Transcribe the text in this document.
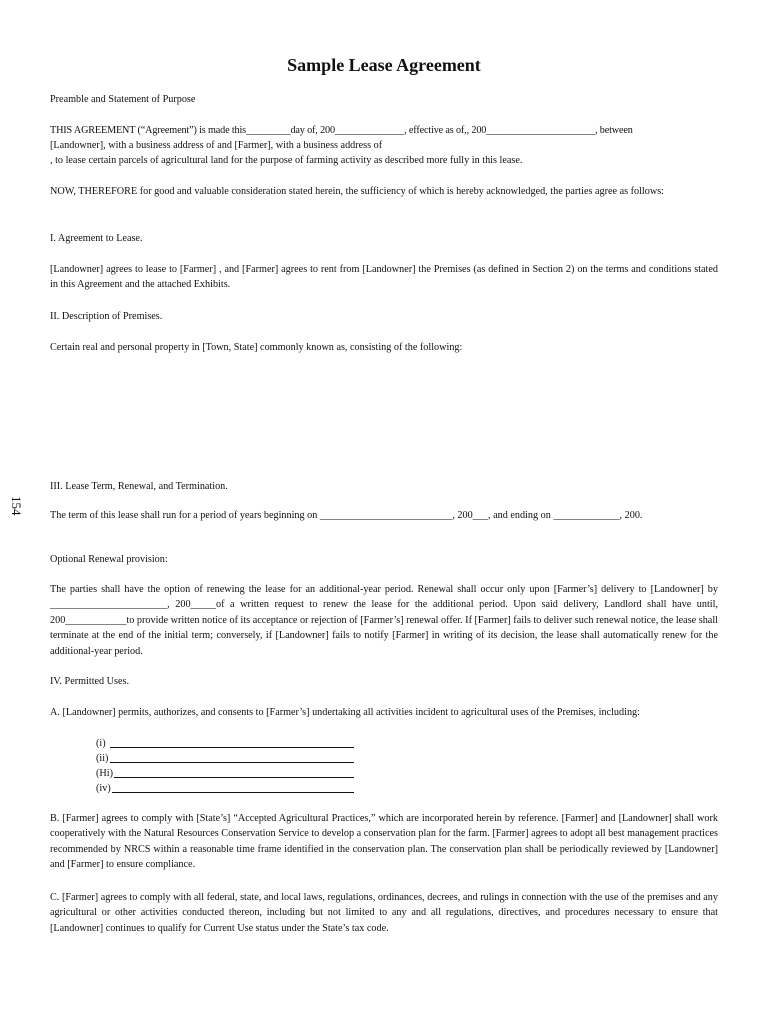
Sample Lease Agreement
154
Preamble and Statement of Purpose
THIS AGREEMENT (“Agreement”) is made this_________day of, 200______________, effective as of,, 200______________________, between
[Landowner], with a business address of and [Farmer], with a business address of
, to lease certain parcels of agricultural land for the purpose of farming activity as described more fully in this lease.
NOW, THEREFORE for good and valuable consideration stated herein, the sufficiency of which is hereby acknowledged, the parties agree as follows:
I. Agreement to Lease.
[Landowner] agrees to lease to [Farmer] , and [Farmer] agrees to rent from [Landowner] the Premises (as defined in Section 2) on the terms and conditions stated in this Agreement and the attached Exhibits.
II. Description of Premises.
Certain real and personal property in [Town, State] commonly known as, consisting of the following:
III. Lease Term, Renewal, and Termination.
The term of this lease shall run for a period of years beginning on __________________________, 200___, and ending on _____________, 200.
Optional Renewal provision:
The parties shall have the option of renewing the lease for an additional-year period. Renewal shall occur only upon [Farmer’s] delivery to [Landowner] by _______________________, 200_____of a written request to renew the lease for the additional period. Upon said delivery, Landlord shall have until, 200____________to provide written notice of its acceptance or rejection of [Farmer’s] renewal offer. If [Farmer] fails to deliver such renewal notice, the lease shall terminate at the end of the initial term; conversely, if [Landowner] fails to notify [Farmer] in writing of its decision, the lease shall automatically renew for the additional-year period.
IV. Permitted Uses.
A. [Landowner] permits, authorizes, and consents to [Farmer’s] undertaking all activities incident to agricultural uses of the Premises, including:
(i)
(ii)
(Hi)
(iv)
B. [Farmer] agrees to comply with [State’s] “Accepted Agricultural Practices,” which are incorporated herein by reference. [Farmer] and [Landowner] shall work cooperatively with the Natural Resources Conservation Service to develop a conservation plan for the farm. [Farmer] agrees to adopt all best management practices recommended by NRCS within a reasonable time frame identified in the conservation plan. The conservation plan shall be periodically reviewed by [Landowner] and [Farmer] to ensure compliance.
C. [Farmer] agrees to comply with all federal, state, and local laws, regulations, ordinances, decrees, and rulings in connection with the use of the premises and any agricultural or other activities conducted thereon, including but not limited to any and all regulations, directives, and procedures necessary to ensure that [Landowner] continues to qualify for Current Use status under the State’s tax code.
